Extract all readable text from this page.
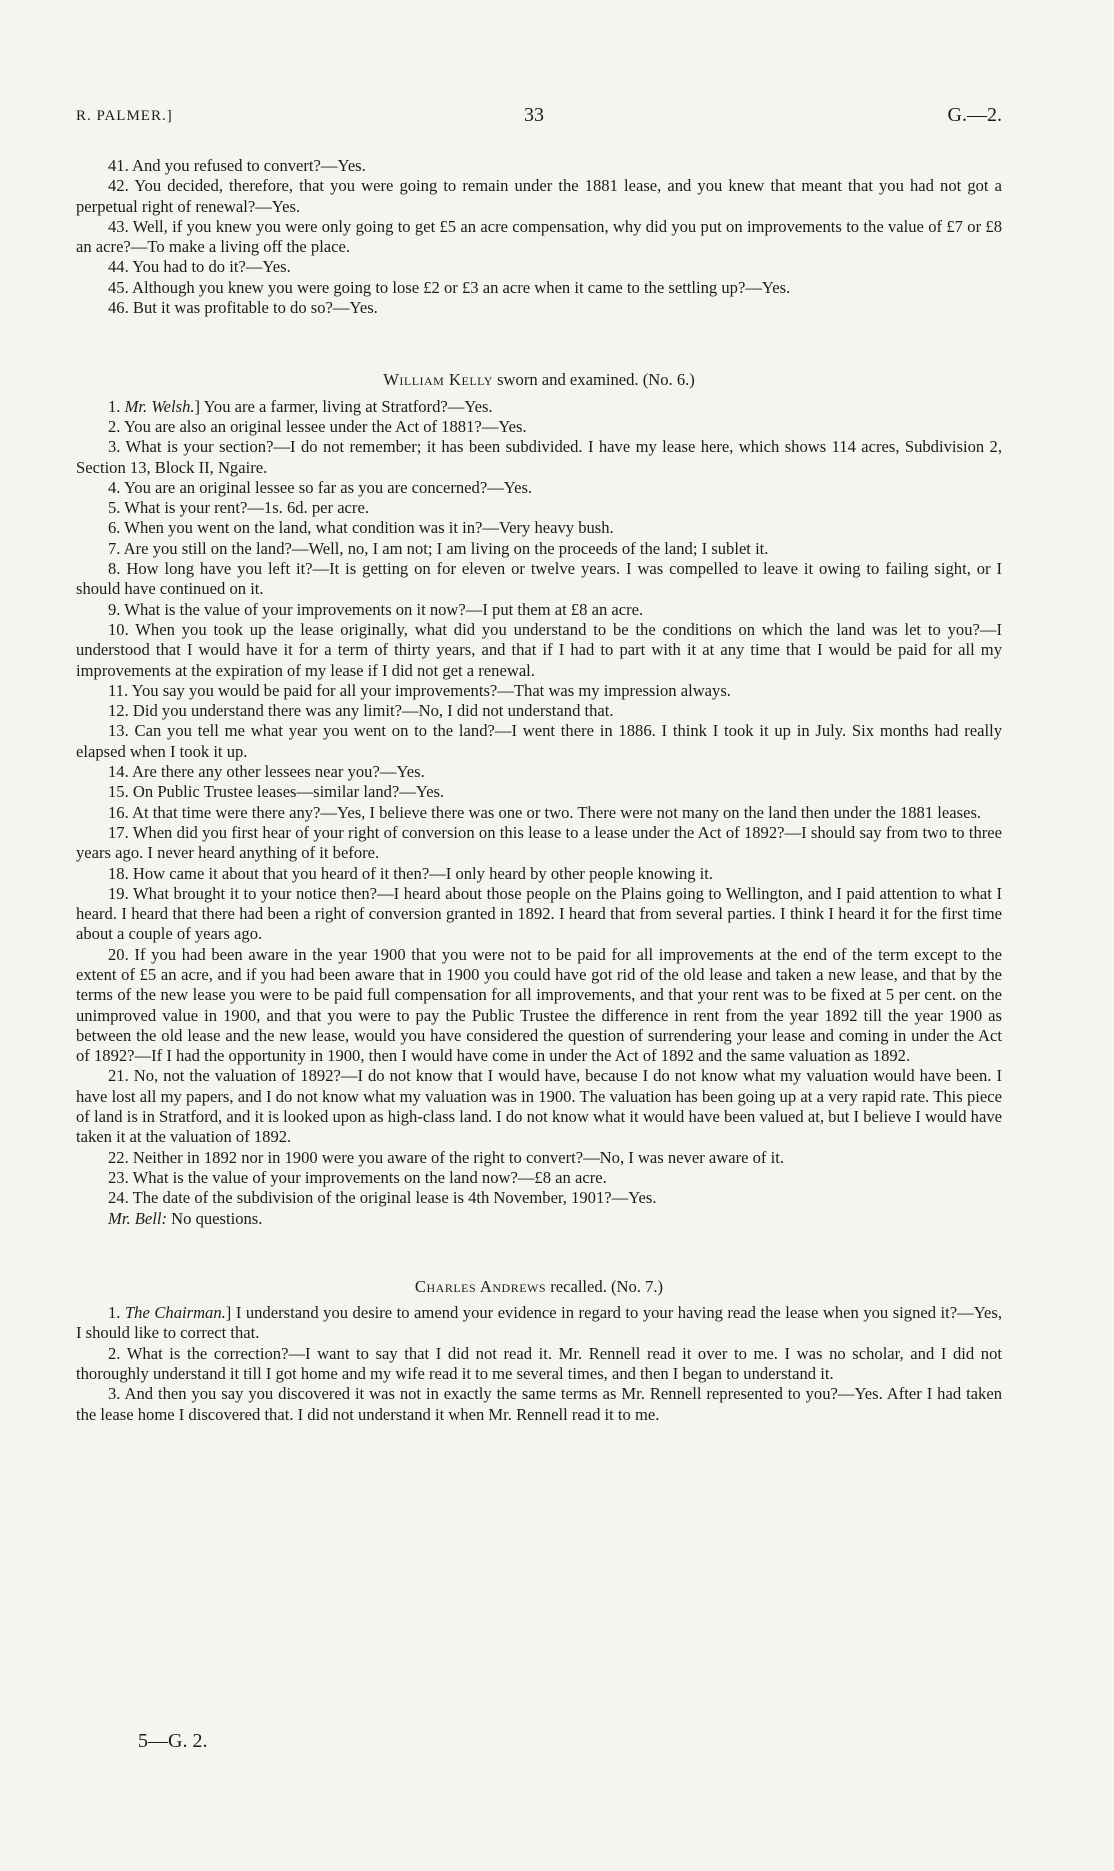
R. PALMER.]	33	G.—2.

41. And you refused to convert?—Yes.

42. You decided, therefore, that you were going to remain under the 1881 lease, and you knew that meant that you had not got a perpetual right of renewal?—Yes.

43. Well, if you knew you were only going to get £5 an acre compensation, why did you put on improvements to the value of £7 or £8 an acre?—To make a living off the place.

44. You had to do it?—Yes.

45. Although you knew you were going to lose £2 or £3 an acre when it came to the settling up?—Yes.

46. But it was profitable to do so?—Yes.

William Kelly sworn and examined. (No. 6.)

1. Mr. Welsh.] You are a farmer, living at Stratford?—Yes.

2. You are also an original lessee under the Act of 1881?—Yes.

3. What is your section?—I do not remember; it has been subdivided. I have my lease here, which shows 114 acres, Subdivision 2, Section 13, Block II, Ngaire.

4. You are an original lessee so far as you are concerned?—Yes.

5. What is your rent?—1s. 6d. per acre.

6. When you went on the land, what condition was it in?—Very heavy bush.

7. Are you still on the land?—Well, no, I am not; I am living on the proceeds of the land; I sublet it.

8. How long have you left it?—It is getting on for eleven or twelve years. I was compelled to leave it owing to failing sight, or I should have continued on it.

9. What is the value of your improvements on it now?—I put them at £8 an acre.

10. When you took up the lease originally, what did you understand to be the conditions on which the land was let to you?—I understood that I would have it for a term of thirty years, and that if I had to part with it at any time that I would be paid for all my improvements at the expiration of my lease if I did not get a renewal.

11. You say you would be paid for all your improvements?—That was my impression always.

12. Did you understand there was any limit?—No, I did not understand that.

13. Can you tell me what year you went on to the land?—I went there in 1886. I think I took it up in July. Six months had really elapsed when I took it up.

14. Are there any other lessees near you?—Yes.

15. On Public Trustee leases—similar land?—Yes.

16. At that time were there any?—Yes, I believe there was one or two. There were not many on the land then under the 1881 leases.

17. When did you first hear of your right of conversion on this lease to a lease under the Act of 1892?—I should say from two to three years ago. I never heard anything of it before.

18. How came it about that you heard of it then?—I only heard by other people knowing it.

19. What brought it to your notice then?—I heard about those people on the Plains going to Wellington, and I paid attention to what I heard. I heard that there had been a right of conversion granted in 1892. I heard that from several parties. I think I heard it for the first time about a couple of years ago.

20. If you had been aware in the year 1900 that you were not to be paid for all improvements at the end of the term except to the extent of £5 an acre, and if you had been aware that in 1900 you could have got rid of the old lease and taken a new lease, and that by the terms of the new lease you were to be paid full compensation for all improvements, and that your rent was to be fixed at 5 per cent. on the unimproved value in 1900, and that you were to pay the Public Trustee the difference in rent from the year 1892 till the year 1900 as between the old lease and the new lease, would you have considered the question of surrendering your lease and coming in under the Act of 1892?—If I had the opportunity in 1900, then I would have come in under the Act of 1892 and the same valuation as 1892.

21. No, not the valuation of 1892?—I do not know that I would have, because I do not know what my valuation would have been. I have lost all my papers, and I do not know what my valuation was in 1900. The valuation has been going up at a very rapid rate. This piece of land is in Stratford, and it is looked upon as high-class land. I do not know what it would have been valued at, but I believe I would have taken it at the valuation of 1892.

22. Neither in 1892 nor in 1900 were you aware of the right to convert?—No, I was never aware of it.

23. What is the value of your improvements on the land now?—£8 an acre.

24. The date of the subdivision of the original lease is 4th November, 1901?—Yes.

Mr. Bell: No questions.

Charles Andrews recalled. (No. 7.)

1. The Chairman.] I understand you desire to amend your evidence in regard to your having read the lease when you signed it?—Yes, I should like to correct that.

2. What is the correction?—I want to say that I did not read it. Mr. Rennell read it over to me. I was no scholar, and I did not thoroughly understand it till I got home and my wife read it to me several times, and then I began to understand it.

3. And then you say you discovered it was not in exactly the same terms as Mr. Rennell represented to you?—Yes. After I had taken the lease home I discovered that. I did not understand it when Mr. Rennell read it to me.

5—G. 2.
